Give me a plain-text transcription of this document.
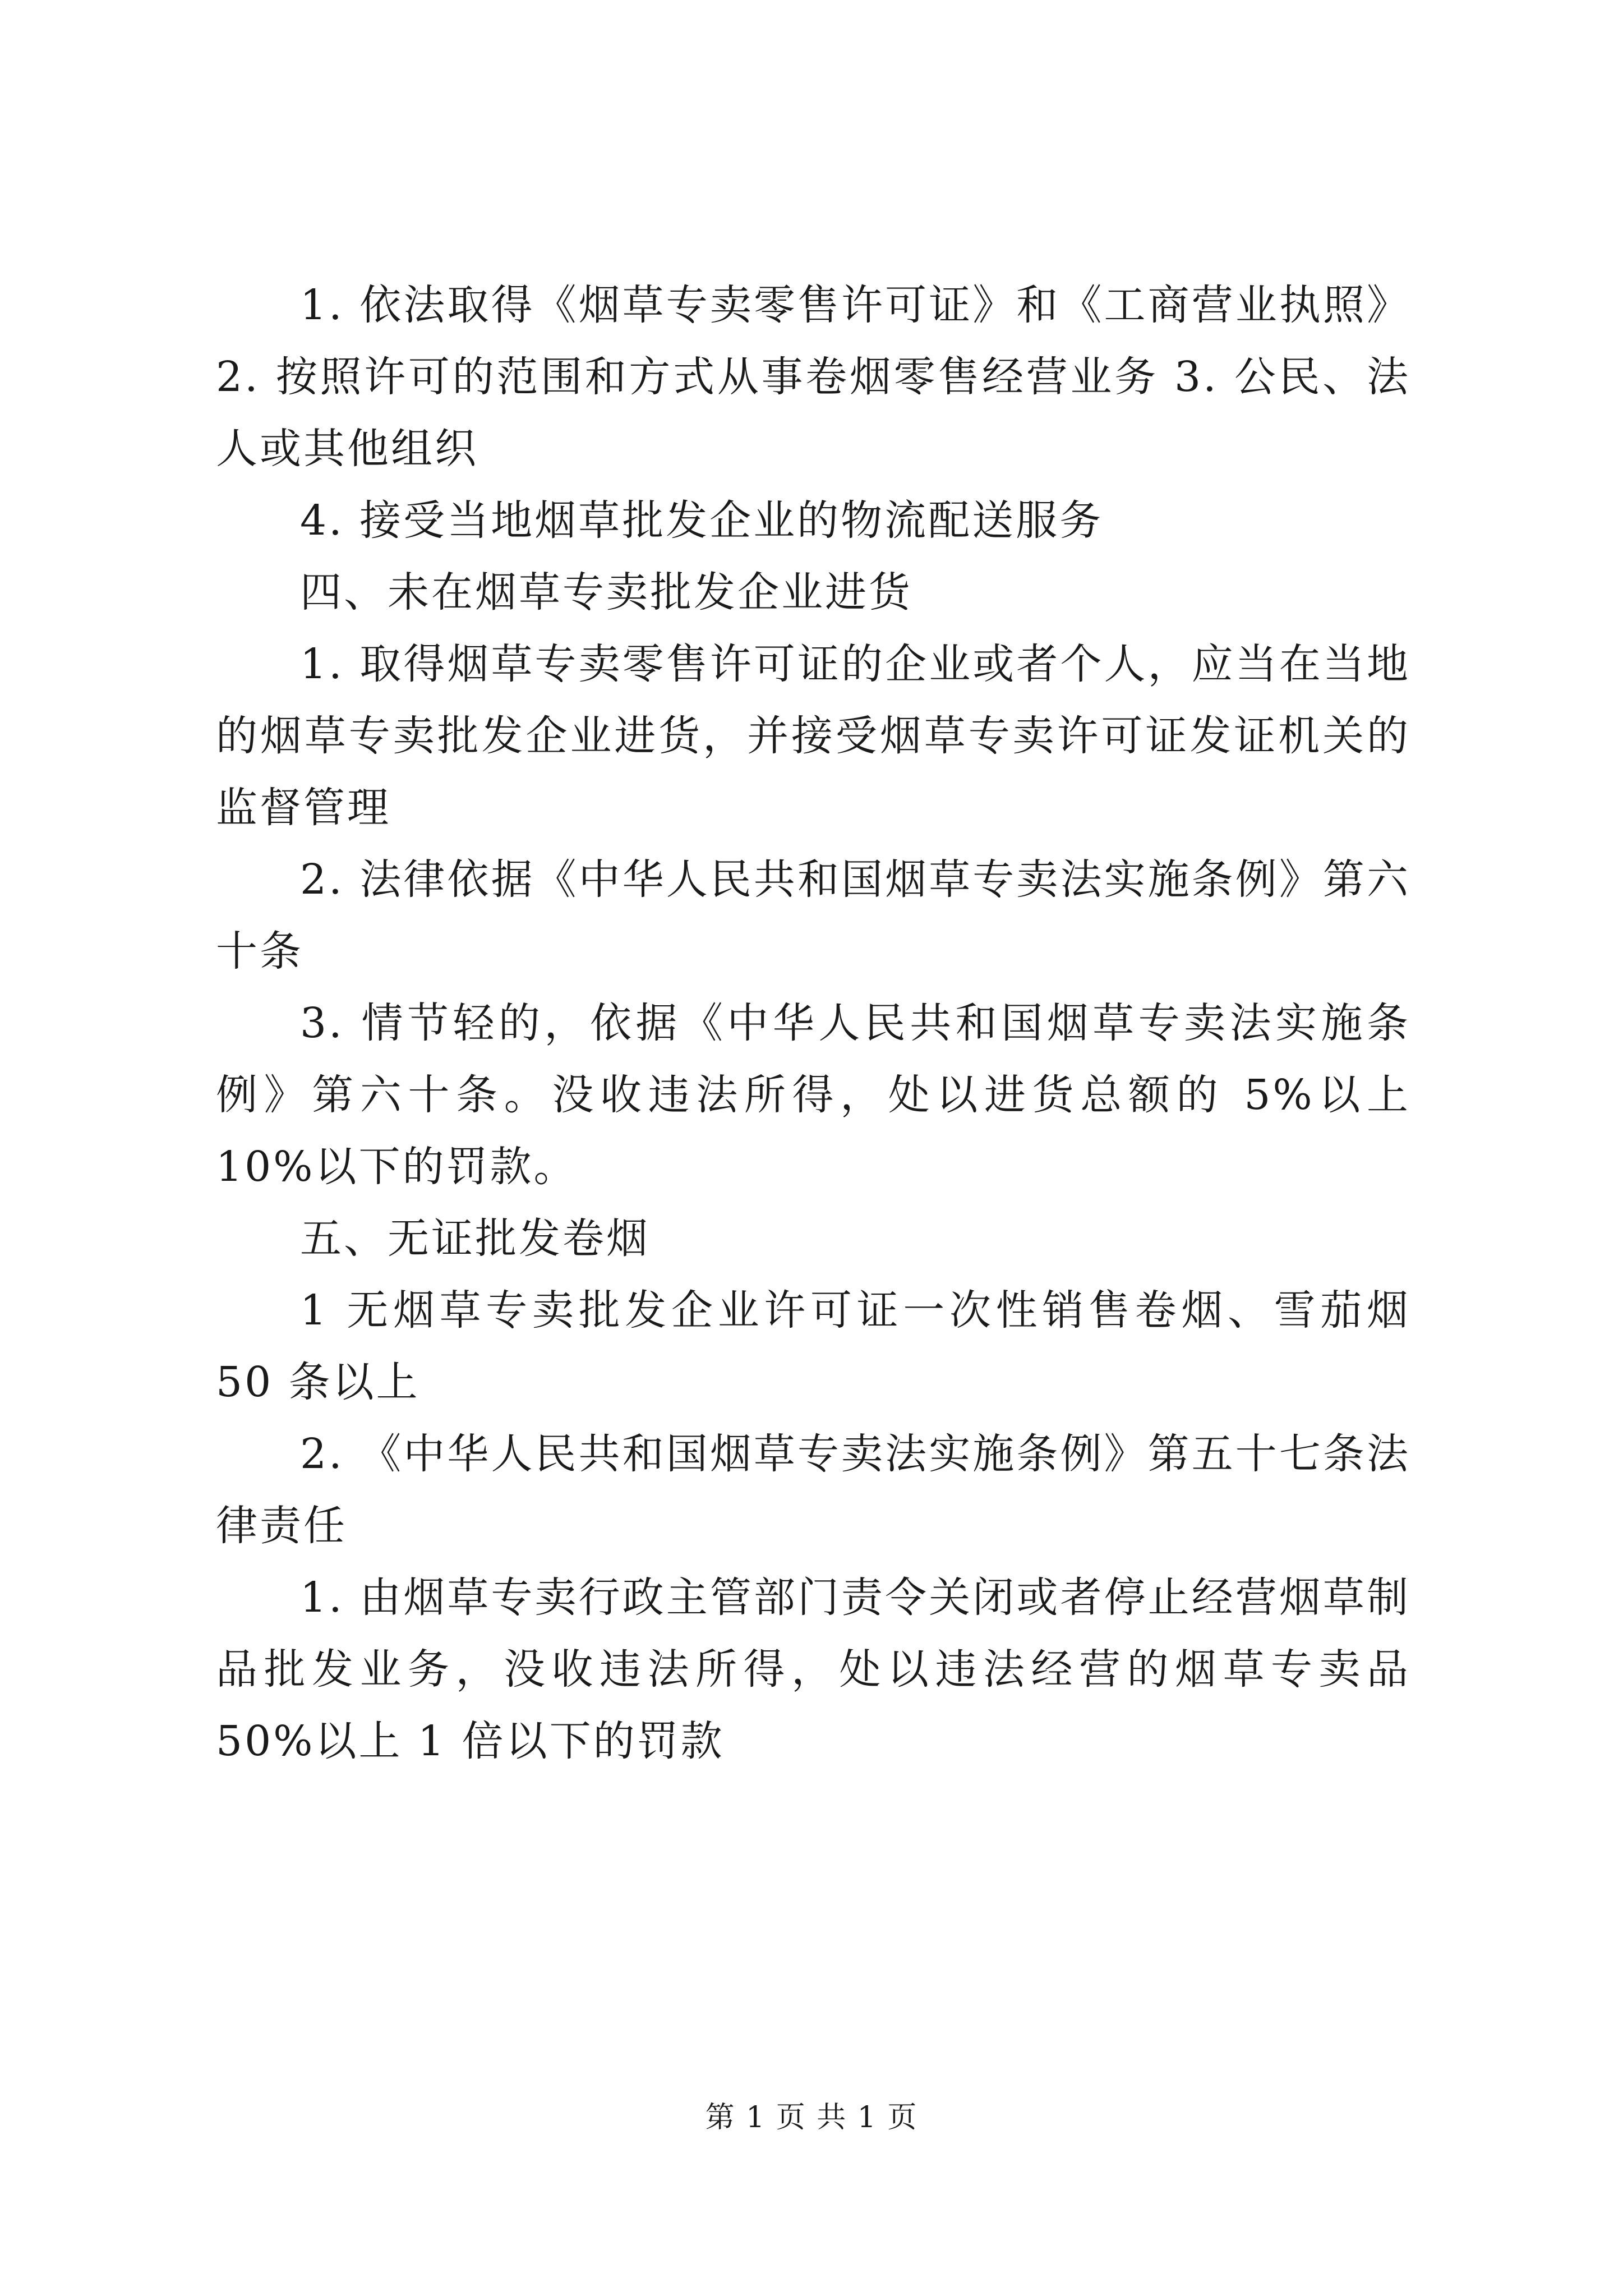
1. 依法取得《烟草专卖零售许可证》和《工商营业执照》2. 按照许可的范围和方式从事卷烟零售经营业务 3. 公民、法人或其他组织

4. 接受当地烟草批发企业的物流配送服务

四、未在烟草专卖批发企业进货

1. 取得烟草专卖零售许可证的企业或者个人，应当在当地的烟草专卖批发企业进货，并接受烟草专卖许可证发证机关的监督管理

2. 法律依据《中华人民共和国烟草专卖法实施条例》第六十条

3. 情节轻的，依据《中华人民共和国烟草专卖法实施条例》第六十条。没收违法所得，处以进货总额的 5%以上 10%以下的罚款。

五、无证批发卷烟

1 无烟草专卖批发企业许可证一次性销售卷烟、雪茄烟 50 条以上

2. 《中华人民共和国烟草专卖法实施条例》第五十七条法律责任

1. 由烟草专卖行政主管部门责令关闭或者停止经营烟草制品批发业务，没收违法所得，处以违法经营的烟草专卖品 50%以上 1 倍以下的罚款

第 1 页 共 1 页
